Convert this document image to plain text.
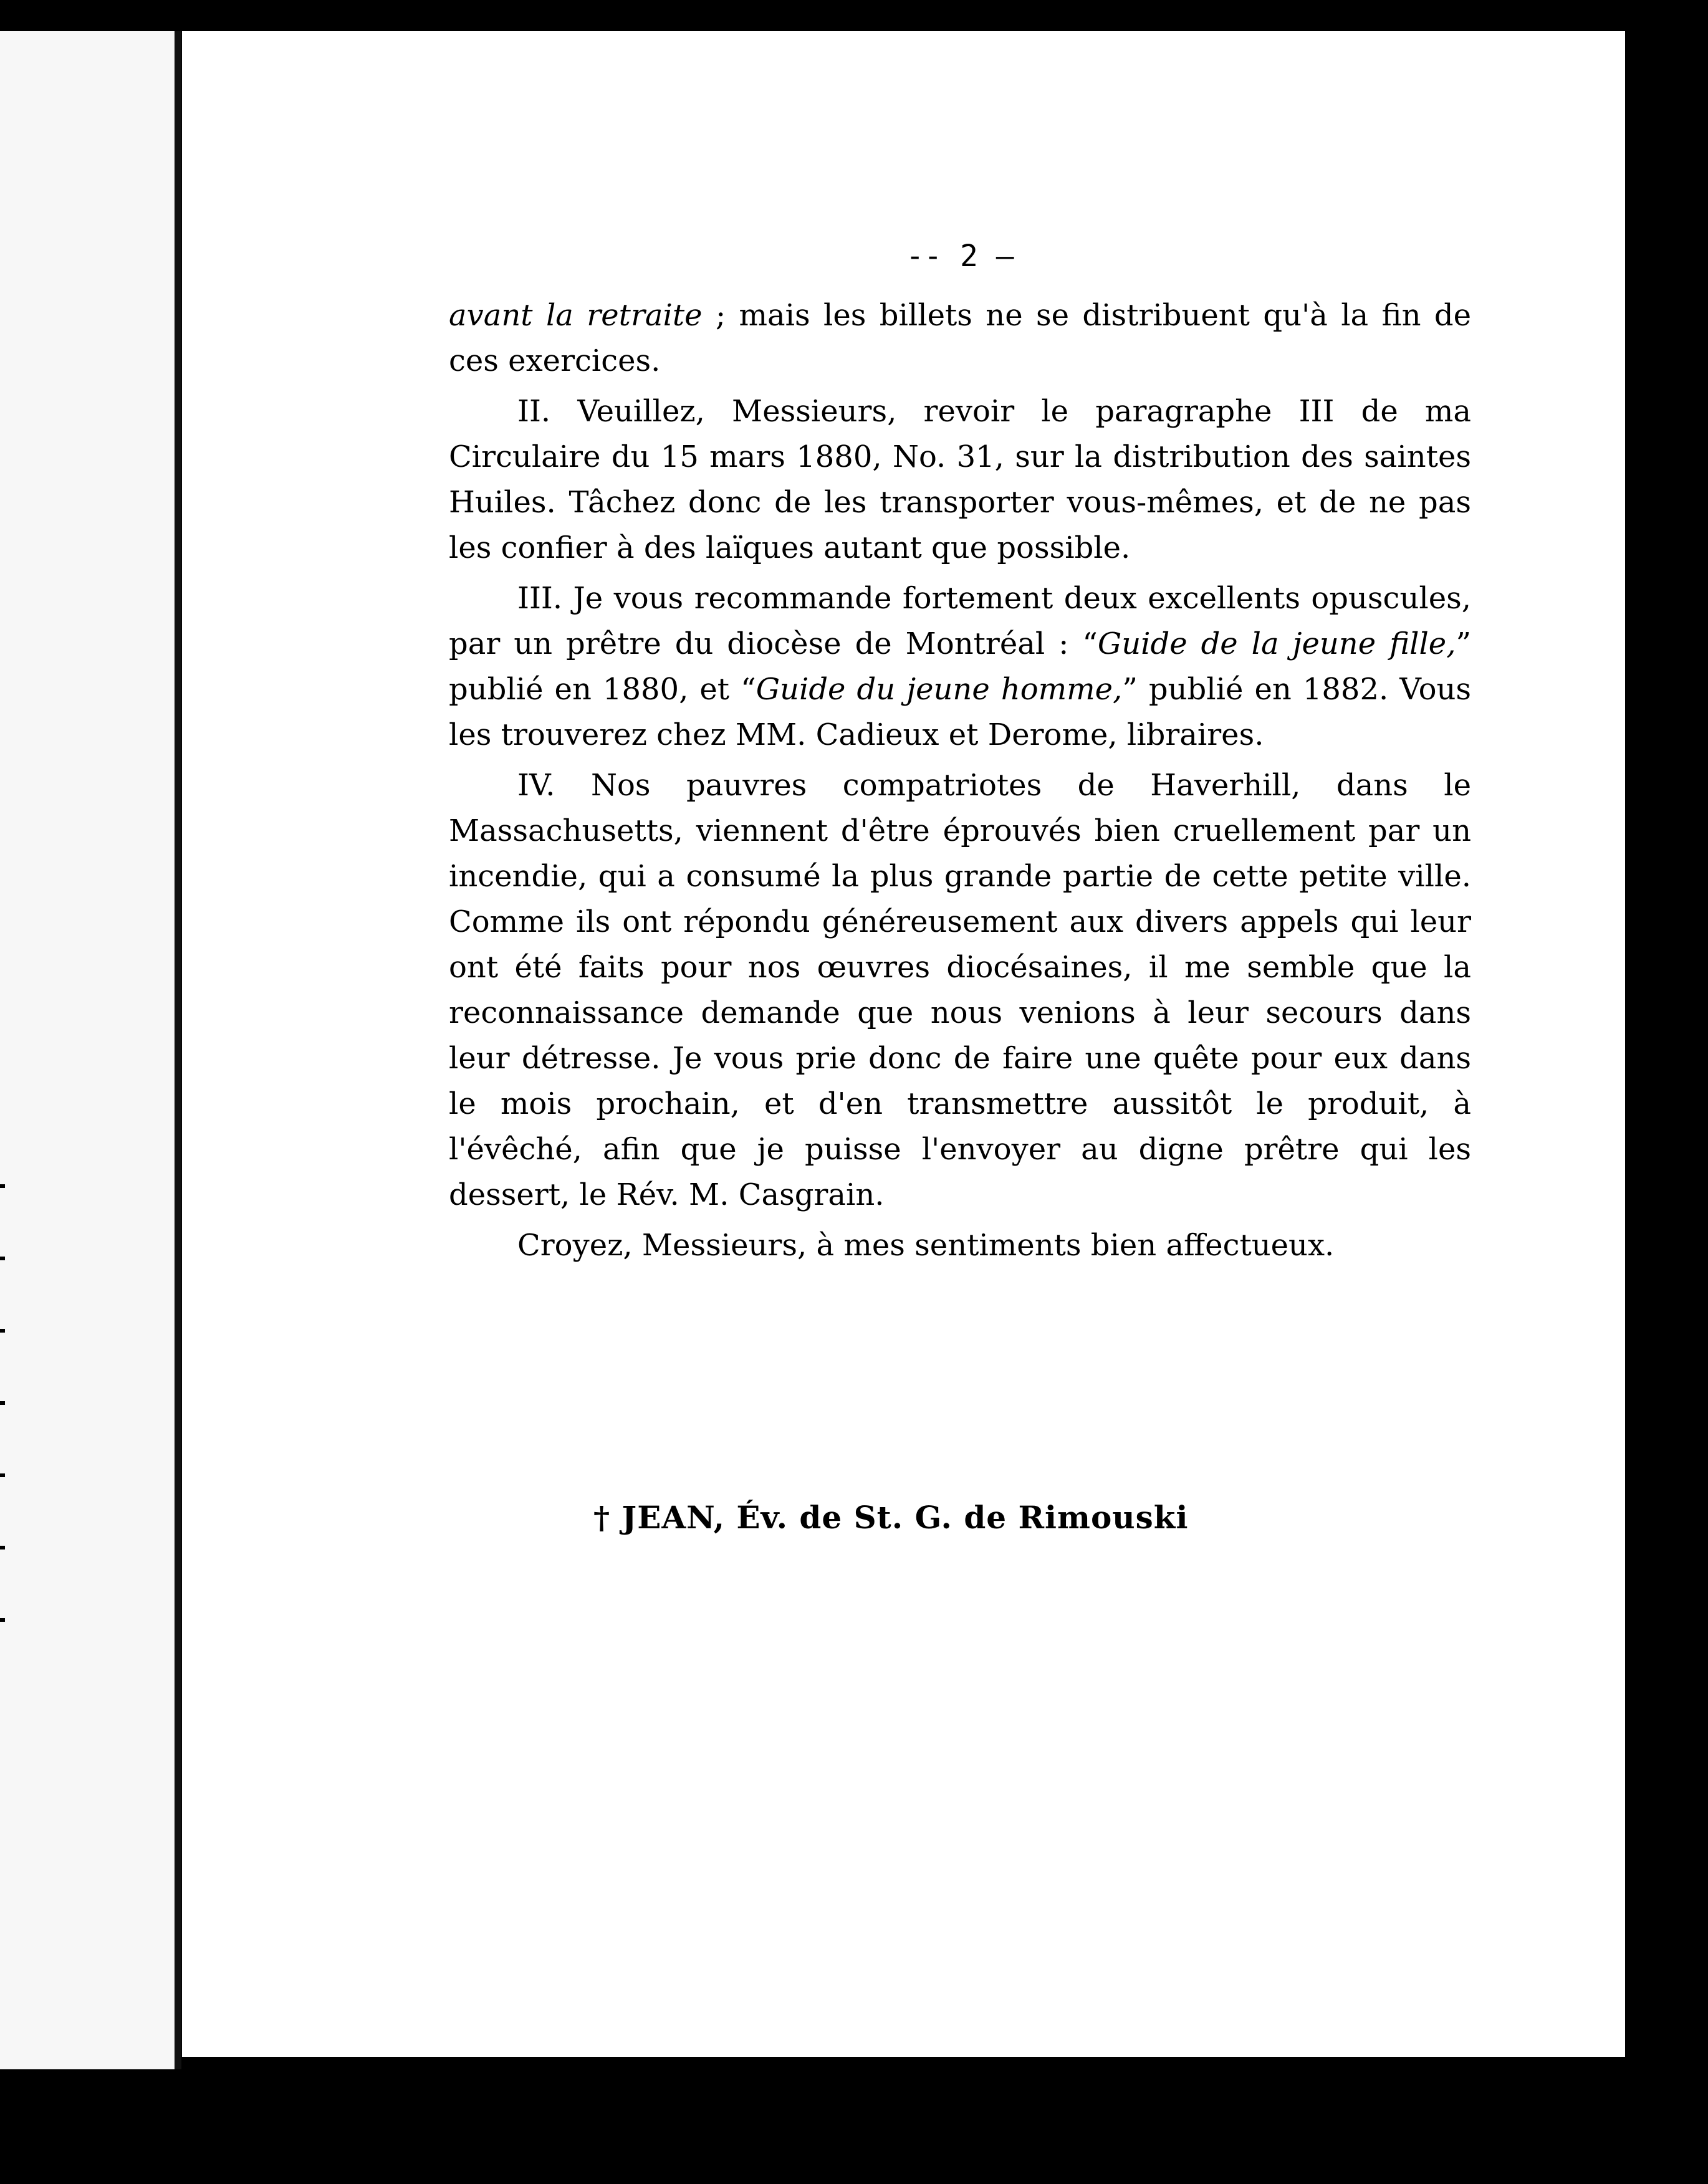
-- 2 —

avant la retraite ; mais les billets ne se distribuent qu'à la fin de ces exercices.

II. Veuillez, Messieurs, revoir le paragraphe III de ma Circulaire du 15 mars 1880, No. 31, sur la distribution des saintes Huiles. Tâchez donc de les transporter vous-mêmes, et de ne pas les confier à des laïques autant que possible.

III. Je vous recommande fortement deux excellents opuscules, par un prêtre du diocèse de Montréal : “Guide de la jeune fille,” publié en 1880, et “Guide du jeune homme,” publié en 1882. Vous les trouverez chez MM. Cadieux et Derome, libraires.

IV. Nos pauvres compatriotes de Haverhill, dans le Massachusetts, viennent d'être éprouvés bien cruellement par un incendie, qui a consumé la plus grande partie de cette petite ville. Comme ils ont répondu généreusement aux divers appels qui leur ont été faits pour nos œuvres diocésaines, il me semble que la reconnaissance demande que nous venions à leur secours dans leur détresse. Je vous prie donc de faire une quête pour eux dans le mois prochain, et d'en transmettre aussitôt le produit, à l'évêché, afin que je puisse l'envoyer au digne prêtre qui les dessert, le Rév. M. Casgrain.

Croyez, Messieurs, à mes sentiments bien affectueux.

† JEAN, Év. de St. G. de Rimouski
